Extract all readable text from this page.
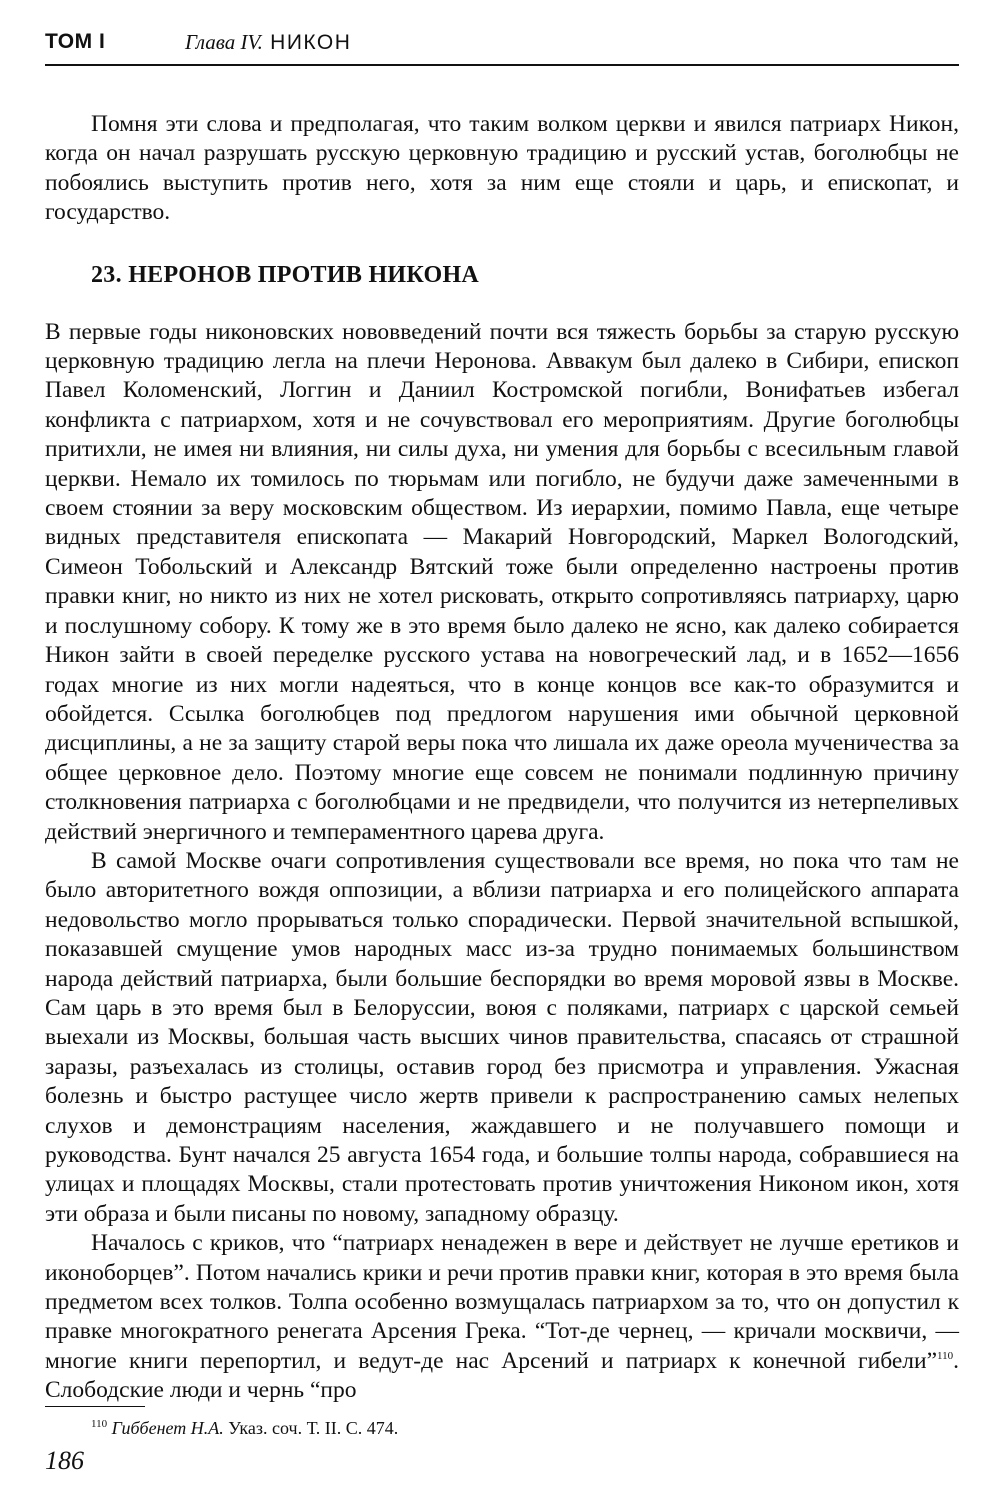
ТОМ I	Глава IV. НИКОН

Помня эти слова и предполагая, что таким волком церкви и явился патриарх Никон, когда он начал разрушать русскую церковную традицию и русский устав, боголюбцы не побоялись выступить против него, хотя за ним еще стояли и царь, и епископат, и государство.

23. НЕРОНОВ ПРОТИВ НИКОНА

В первые годы никоновских нововведений почти вся тяжесть борьбы за старую русскую церковную традицию легла на плечи Неронова. Аввакум был далеко в Сибири, епископ Павел Коломенский, Логгин и Даниил Костромской погибли, Вонифатьев избегал конфликта с патриархом, хотя и не сочувствовал его мероприятиям. Другие боголюбцы притихли, не имея ни влияния, ни силы духа, ни умения для борьбы с всесильным главой церкви. Немало их томилось по тюрьмам или погибло, не будучи даже замеченными в своем стоянии за веру московским обществом. Из иерархии, помимо Павла, еще четыре видных представителя епископата — Макарий Новгородский, Маркел Вологодский, Симеон Тобольский и Александр Вятский тоже были определенно настроены против правки книг, но никто из них не хотел рисковать, открыто сопротивляясь патриарху, царю и послушному собору. К тому же в это время было далеко не ясно, как далеко собирается Никон зайти в своей переделке русского устава на новогреческий лад, и в 1652—1656 годах многие из них могли надеяться, что в конце концов все как-то образумится и обойдется. Ссылка боголюбцев под предлогом нарушения ими обычной церковной дисциплины, а не за защиту старой веры пока что лишала их даже ореола мученичества за общее церковное дело. Поэтому многие еще совсем не понимали подлинную причину столкновения патриарха с боголюбцами и не предвидели, что получится из нетерпеливых действий энергичного и темпераментного царева друга.

В самой Москве очаги сопротивления существовали все время, но пока что там не было авторитетного вождя оппозиции, а вблизи патриарха и его полицейского аппарата недовольство могло прорываться только спорадически. Первой значительной вспышкой, показавшей смущение умов народных масс из-за трудно понимаемых большинством народа действий патриарха, были большие беспорядки во время моровой язвы в Москве. Сам царь в это время был в Белоруссии, воюя с поляками, патриарх с царской семьей выехали из Москвы, большая часть высших чинов правительства, спасаясь от страшной заразы, разъехалась из столицы, оставив город без присмотра и управления. Ужасная болезнь и быстро растущее число жертв привели к распространению самых нелепых слухов и демонстрациям населения, жаждавшего и не получавшего помощи и руководства. Бунт начался 25 августа 1654 года, и большие толпы народа, собравшиеся на улицах и площадях Москвы, стали протестовать против уничтожения Никоном икон, хотя эти образа и были писаны по новому, западному образцу.

Началось с криков, что “патриарх ненадежен в вере и действует не лучше еретиков и иконоборцев”. Потом начались крики и речи против правки книг, которая в это время была предметом всех толков. Толпа особенно возмущалась патриархом за то, что он допустил к правке многократного ренегата Арсения Грека. “Тот-де чернец, — кричали москвичи, — многие книги перепортил, и ведут-де нас Арсений и патриарх к конечной гибели”$^{110}$. Слободские люди и чернь “про

$^{110}$ Гиббенет Н.А. Указ. соч. Т. II. С. 474.
186
